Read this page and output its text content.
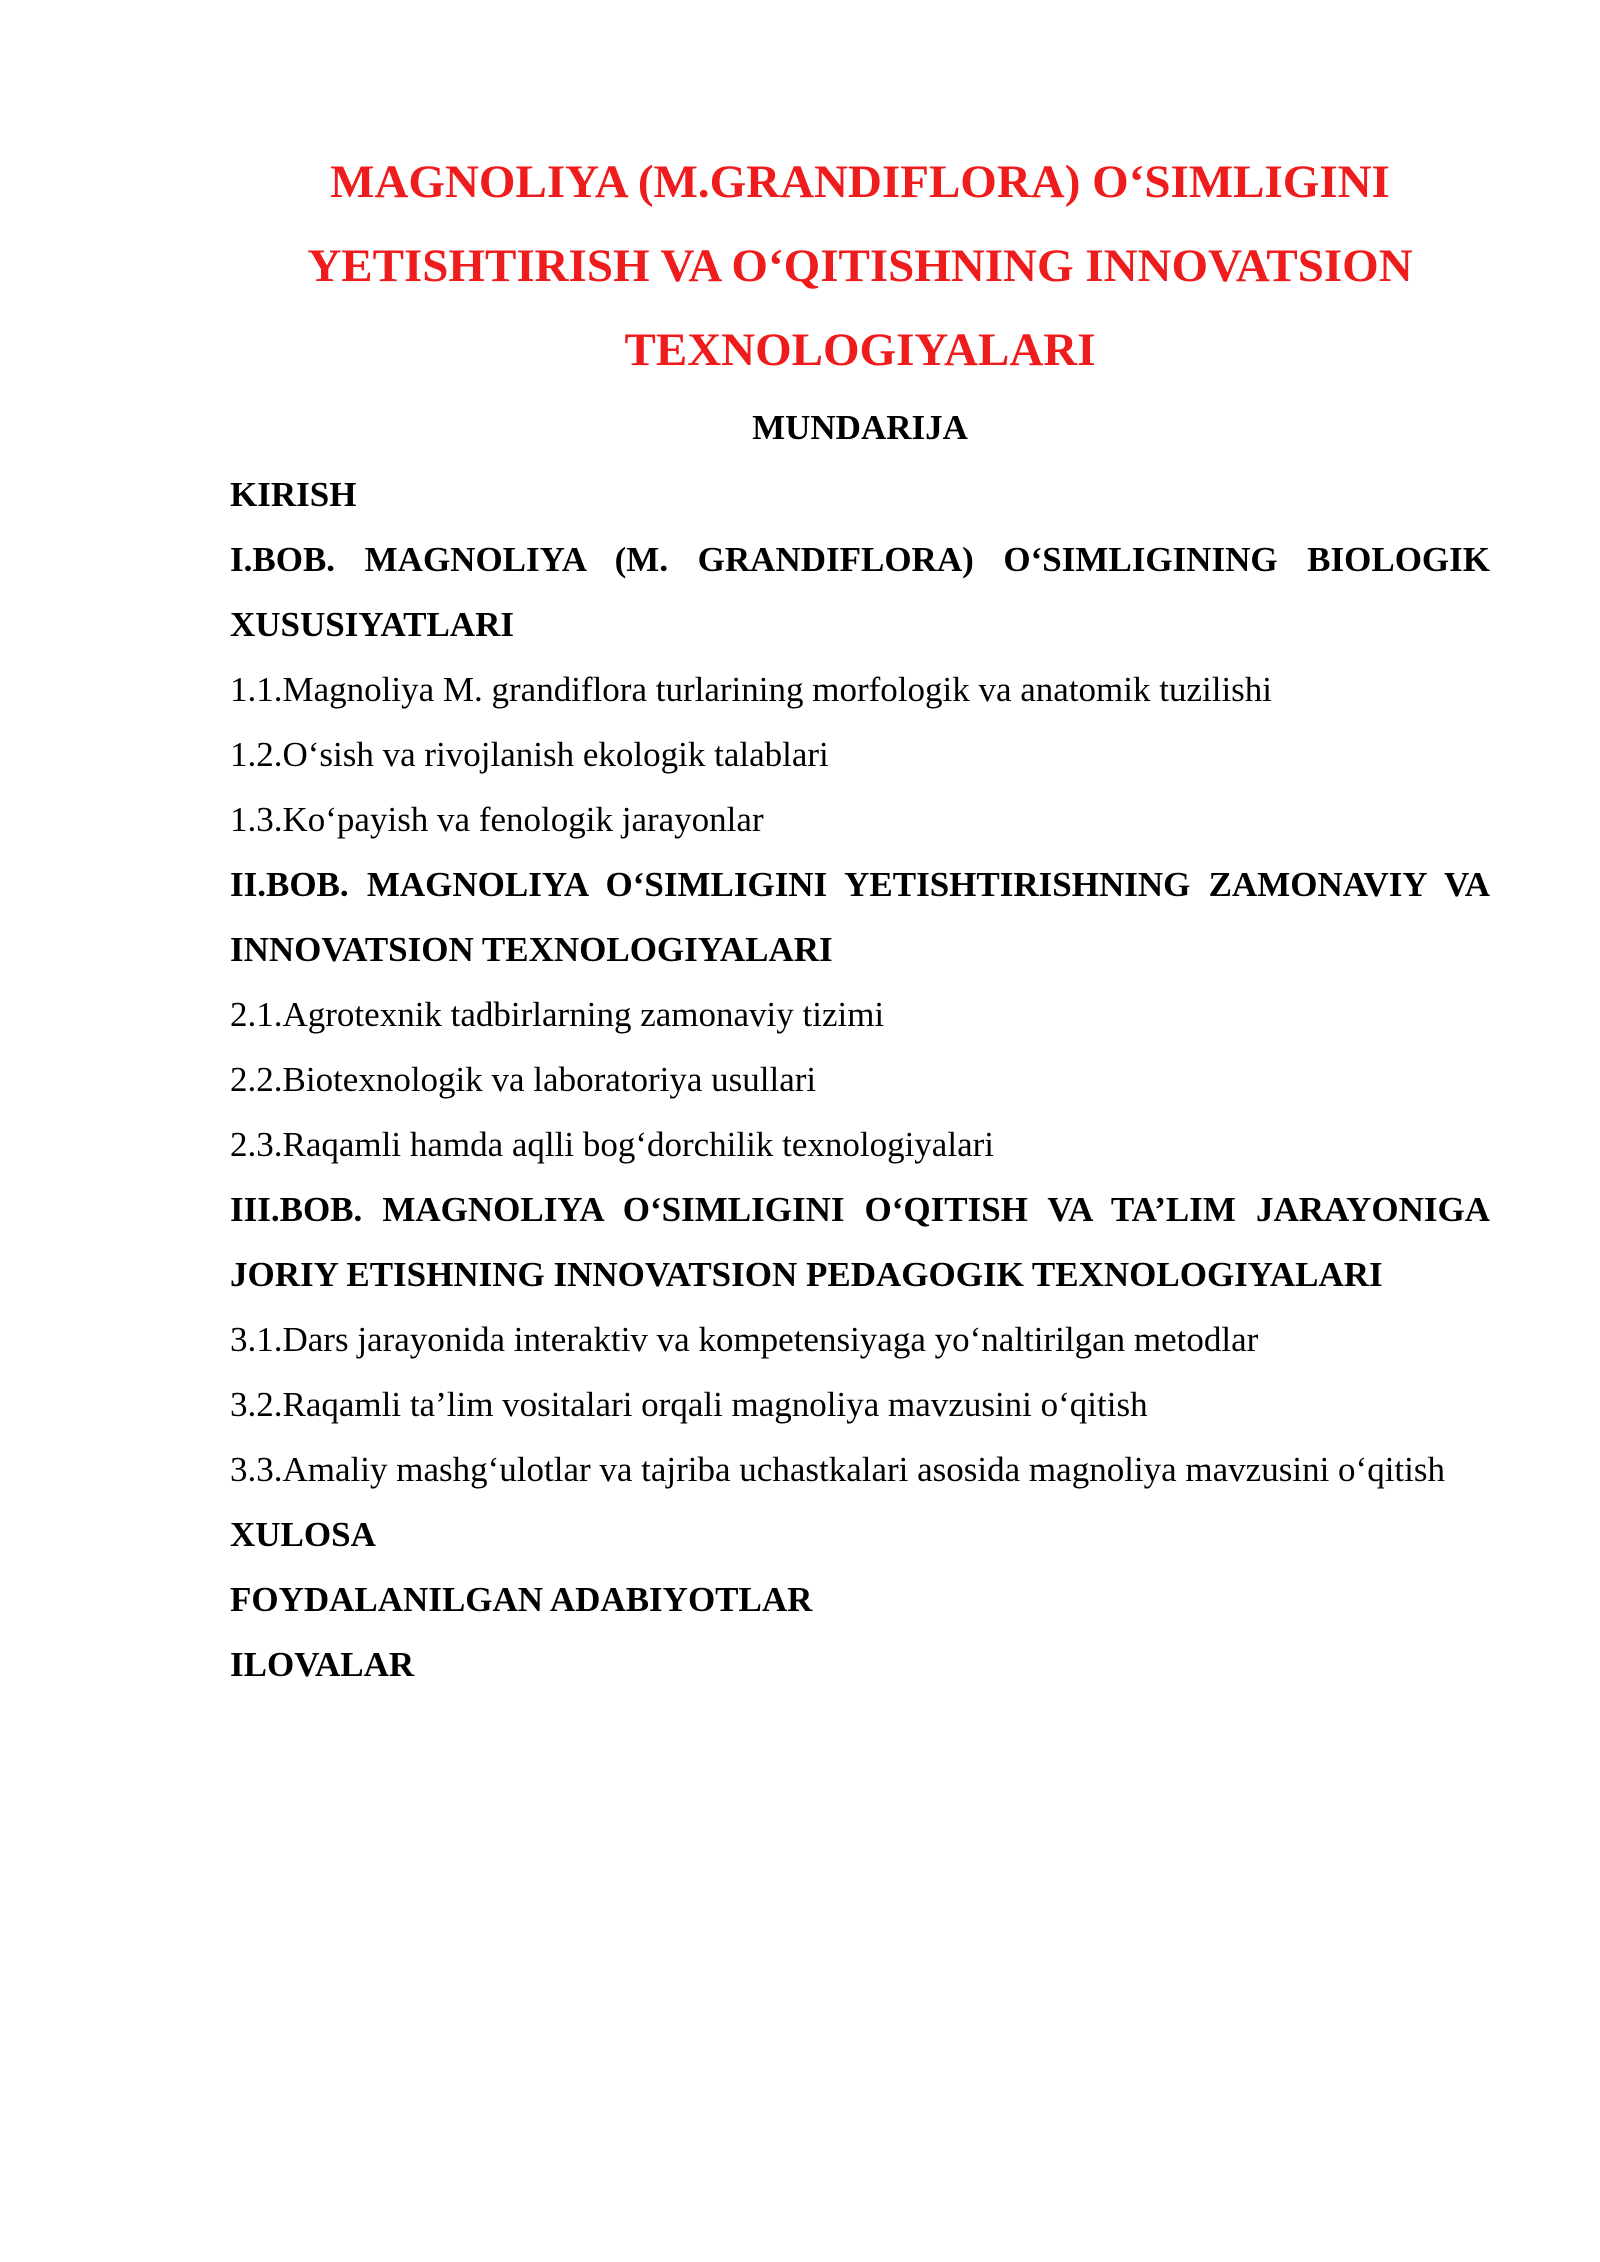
MAGNOLIYA (M.GRANDIFLORA) O‘SIMLIGINI
YETISHTIRISH VA O‘QITISHNING INNOVATSION
TEXNOLOGIYALARI
MUNDARIJA
KIRISH
I.BOB. MAGNOLIYA (M. GRANDIFLORA) O‘SIMLIGINING BIOLOGIK XUSUSIYATLARI
1.1.Magnoliya M. grandiflora turlarining morfologik va anatomik tuzilishi
1.2.O‘sish va rivojlanish ekologik talablari
1.3.Ko‘payish va fenologik jarayonlar
II.BOB. MAGNOLIYA O‘SIMLIGINI YETISHTIRISHNING ZAMONAVIY VA INNOVATSION TEXNOLOGIYALARI
2.1.Agrotexnik tadbirlarning zamonaviy tizimi
2.2.Biotexnologik va laboratoriya usullari
2.3.Raqamli hamda aqlli bog‘dorchilik texnologiyalari
III.BOB. MAGNOLIYA O‘SIMLIGINI O‘QITISH VA TA’LIM JARAYONIGA JORIY ETISHNING INNOVATSION PEDAGOGIK TEXNOLOGIYALARI
3.1.Dars jarayonida interaktiv va kompetensiyaga yo‘naltirilgan metodlar
3.2.Raqamli ta’lim vositalari orqali magnoliya mavzusini o‘qitish
3.3.Amaliy mashg‘ulotlar va tajriba uchastkalari asosida magnoliya mavzusini o‘qitish
XULOSA
FOYDALANILGAN ADABIYOTLAR
ILOVALAR
